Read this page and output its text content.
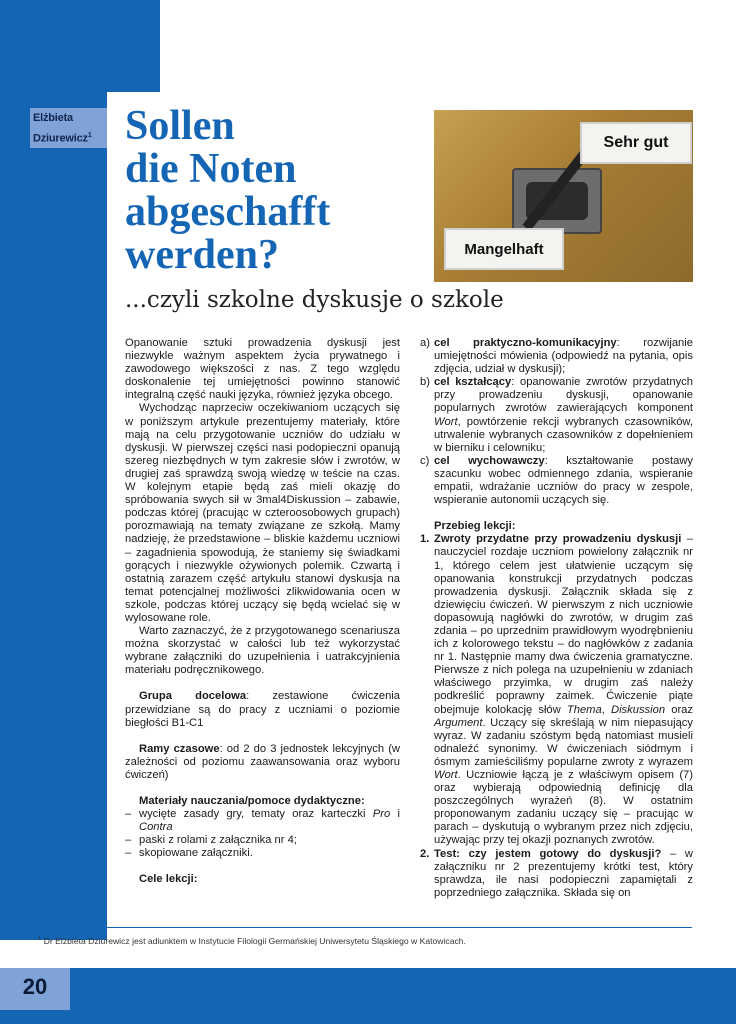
20
Elżbieta
Dziurewicz$^1$ Sollen
die Noten
abgeschafft
werden?
...czyli szkolne dyskusje o szkole
Sehr gut
Mangelhaft

Opanowanie sztuki prowadzenia dyskusji jest niezwykle ważnym aspektem życia prywatnego i zawodowego większości z nas. Z tego względu doskonalenie tej umiejętności powinno stanowić integralną część nauki języka, również języka obcego.

Wychodząc naprzeciw oczekiwaniom uczących się w poniższym artykule prezentujemy materiały, które mają na celu przygotowanie uczniów do udziału w dyskusji. W pierwszej części nasi podopieczni opanują szereg niezbędnych w tym zakresie słów i zwrotów, w drugiej zaś sprawdzą swoją wiedzę w teście na czas. W kolejnym etapie będą zaś mieli okazję do spróbowania swych sił w 3mal4Diskussion – zabawie, podczas której (pracując w czteroosobowych grupach) porozmawiają na tematy związane ze szkołą. Mamy nadzieję, że przedstawione – bliskie każdemu uczniowi – zagadnienia spowodują, że staniemy się świadkami gorących i niezwykle ożywionych polemik. Czwartą i ostatnią zarazem część artykułu stanowi dyskusja na temat potencjalnej możliwości zlikwidowania ocen w szkole, podczas której uczący się będą wcielać się w wylosowane role.

Warto zaznaczyć, że z przygotowanego scenariusza można skorzystać w całości lub też wykorzystać wybrane załączniki do uzupełnienia i uatrakcyjnienia materiału podręcznikowego.

Grupa docelowa: zestawione ćwiczenia przewidziane są do pracy z uczniami o poziomie biegłości B1-C1

Ramy czasowe: od 2 do 3 jednostek lekcyjnych (w zależności od poziomu zaawansowania oraz wyboru ćwiczeń)

Materiały nauczania/pomoce dydaktyczne:

– wycięte zasady gry, tematy oraz karteczki Pro i Contra
– paski z rolami z załącznika nr 4;
– skopiowane załączniki.

Cele lekcji:

a) cel praktyczno-komunikacyjny: rozwijanie umiejętności mówienia (odpowiedź na pytania, opis zdjęcia, udział w dyskusji);
b) cel kształcący: opanowanie zwrotów przydatnych przy prowadzeniu dyskusji, opanowanie popularnych zwrotów zawierających komponent Wort, powtórzenie rekcji wybranych czasowników, utrwalenie wybranych czasowników z dopełnieniem w bierniku i celowniku;
c) cel wychowawczy: kształtowanie postawy szacunku wobec odmiennego zdania, wspieranie empatii, wdrażanie uczniów do pracy w zespole, wspieranie autonomii uczących się.

Przebieg lekcji:

1. Zwroty przydatne przy prowadzeniu dyskusji – nauczyciel rozdaje uczniom powielony załącznik nr 1, którego celem jest ułatwienie uczącym się opanowania konstrukcji przydatnych podczas prowadzenia dyskusji. Załącznik składa się z dziewięciu ćwiczeń. W pierwszym z nich uczniowie dopasowują nagłówki do zwrotów, w drugim zaś zdania – po uprzednim prawidłowym wyodrębnieniu ich z kolorowego tekstu – do nagłówków z zadania nr 1. Następnie mamy dwa ćwiczenia gramatyczne. Pierwsze z nich polega na uzupełnieniu w zdaniach właściwego przyimka, w drugim zaś należy podkreślić poprawny zaimek. Ćwiczenie piąte obejmuje kolokację słów Thema, Diskussion oraz Argument. Uczący się skreślają w nim niepasujący wyraz. W zadaniu szóstym będą natomiast musieli odnaleźć synonimy. W ćwiczeniach siódmym i ósmym zamieściliśmy popularne zwroty z wyrazem Wort. Uczniowie łączą je z właściwym opisem (7) oraz wybierają odpowiednią definicję dla poszczególnych wyrażeń (8). W ostatnim proponowanym zadaniu uczący się – pracując w parach – dyskutują o wybranym przez nich zdjęciu, używając przy tej okazji poznanych zwrotów.
2. Test: czy jestem gotowy do dyskusji? – w załączniku nr 2 prezentujemy krótki test, który sprawdza, ile nasi podopieczni zapamiętali z poprzedniego załącznika. Składa się on
$^1$ Dr Elżbieta Dziurewicz jest adiunktem w Instytucie Filologii Germańskiej Uniwersytetu Śląskiego w Katowicach.
